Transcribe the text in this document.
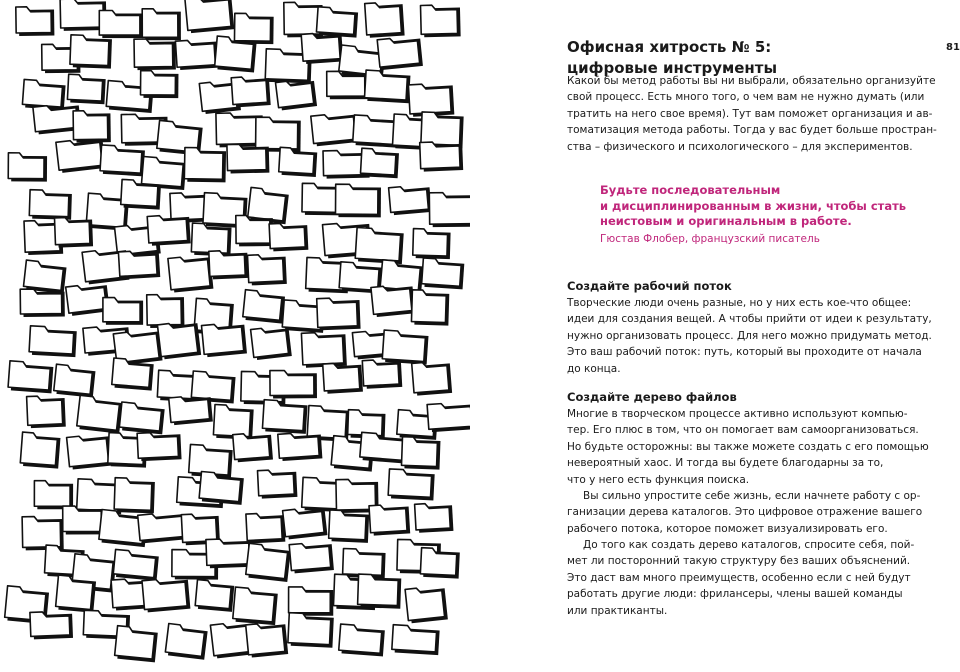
81
Офисная хитрость № 5:
цифровые инструменты

Какой бы метод работы вы ни выбрали, обязательно организуйте
свой процесс. Есть много того, о чем вам не нужно думать (или
тратить на него свое время). Тут вам поможет организация и ав-
томатизация метода работы. Тогда у вас будет больше простран-
ства – физического и психологического – для экспериментов.

Будьте последовательным
и дисциплинированным в жизни, чтобы стать
неистовым и оригинальным в работе.
Гюстав Флобер, французский писатель
Создайте рабочий поток

Творческие люди очень разные, но у них есть кое-что общее:
идеи для создания вещей. А чтобы прийти от идеи к результату,
нужно организовать процесс. Для него можно придумать метод.
Это ваш рабочий поток: путь, который вы проходите от начала
до конца.

Создайте дерево файлов

Многие в творческом процессе активно используют компью-
тер. Его плюс в том, что он помогает вам самоорганизоваться.
Но будьте осторожны: вы также можете создать с его помощью
невероятный хаос. И тогда вы будете благодарны за то,
что у него есть функция поиска.

Вы сильно упростите себе жизнь, если начнете работу с ор-
ганизации дерева каталогов. Это цифровое отражение вашего
рабочего потока, которое поможет визуализировать его.

До того как создать дерево каталогов, спросите себя, пой-
мет ли посторонний такую структуру без ваших объяснений.
Это даст вам много преимуществ, особенно если с ней будут
работать другие люди: фрилансеры, члены вашей команды
или практиканты.
